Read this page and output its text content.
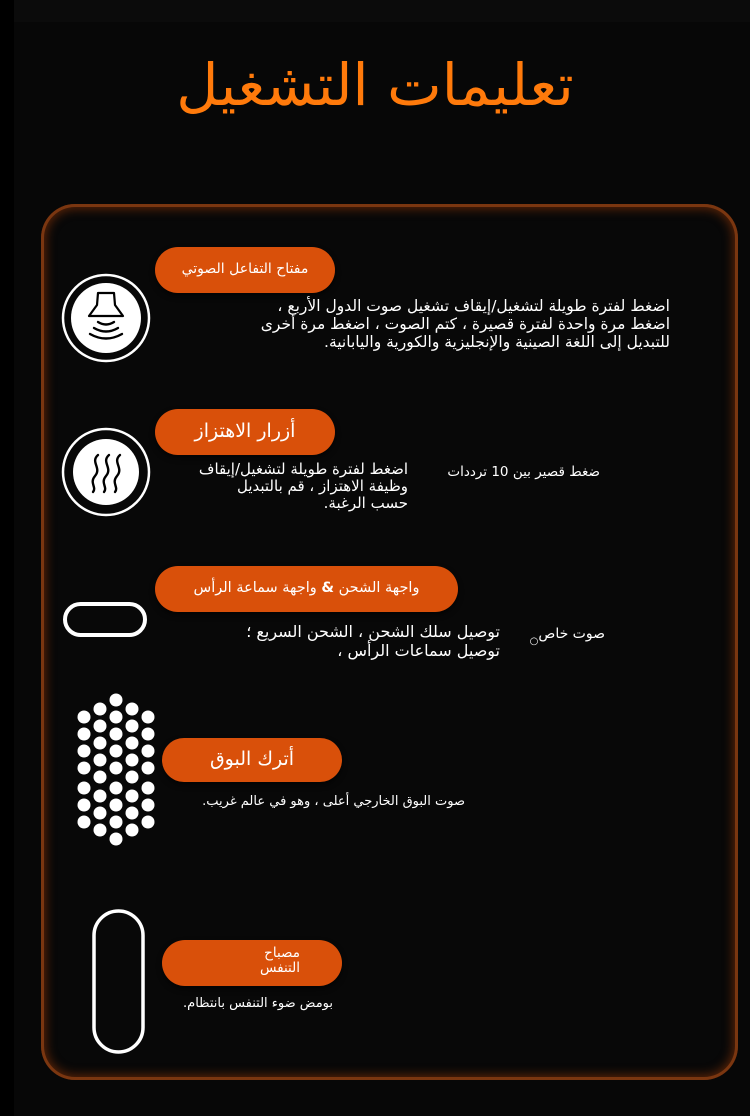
تعليمات التشغيل
مفتاح التفاعل الصوتي
اضغط لفترة طويلة لتشغيل/إيقاف تشغيل صوت الدول الأربع ،
اضغط مرة واحدة لفترة قصيرة ، كتم الصوت ، اضغط مرة أخرى
للتبديل إلى اللغة الصينية والإنجليزية والكورية واليابانية.
أزرار الاهتزاز
اضغط لفترة طويلة لتشغيل/إيقاف
وظيفة الاهتزاز ، قم بالتبديل
حسب الرغبة.
ضغط قصير بين 10 ترددات
واجهة الشحن & واجهة سماعة الرأس
توصيل سلك الشحن ، الشحن السريع ؛
توصيل سماعات الرأس ،
صوت خاص$_○$
أترك البوق
صوت البوق الخارجي أعلى ، وهو في عالم غريب.
مصباح
التنفس
بومض ضوء التنفس بانتظام.
